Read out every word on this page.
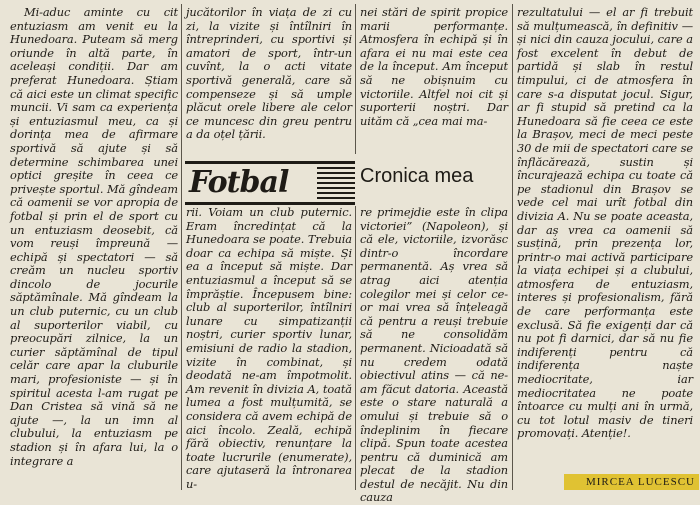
Mi-aduc aminte cu cit entuziasm am venit eu la Hunedoara. Puteam să merg oriunde în altă parte, în aceleași condiții. Dar am preferat Hunedoara. Știam că aici este un climat specific muncii. Vi sam ca experiența și entuziasmul meu, ca și dorința mea de afirmare sportivă să ajute și să determine schimbarea unei optici greșite în ceea ce privește sportul. Mă gîndeam că oamenii se vor apropia de fotbal și prin el de sport cu un entuziasm deosebit, că vom reuși împreună — echipă și spectatori — să creăm un nucleu sportiv dincolo de jocurile săptămînale. Mă gîndeam la un club puternic, cu un club al suporterilor viabil, cu preocupări zilnice, la un curier săptămînal de tipul celăr care apar la cluburile mari, profesioniste — și în spiritul acesta l-am rugat pe Dan Cristea să vină să ne ajute —, la un imn al clubului, la entuziasm pe stadion și în afara lui, la o integrare a

jucătorilor în viața de zi cu zi, la vizite și întîlniri în întreprinderi, cu sportivi și amatori de sport, într-un cuvînt, la o acti vitate sportivă generală, care să compenseze și să umple plăcut orele libere ale celor ce muncesc din greu pentru a da oțel țării.

nei stări de spirit propice marii performanțe. Atmosfera în echipă și în afara ei nu mai este cea de la început. Am început să ne obișnuim cu victoriile. Altfel noi cit și suporterii noștri. Dar uităm că „cea mai ma-

Fotbal	Cronica mea

rii. Voiam un club puternic. Eram încredințat că la Hunedoara se poate. Trebuia doar ca echipa să miște. Și ea a început să miște. Dar entuziasmul a început să se împrăștie. Începusem bine: club al suporterilor, întîlniri lunare cu simpatizanții noștri, curier sportiv lunar, emisiuni de radio la stadion, vizite în combinat, și deodată ne-am împotmolit. Am revenit în divizia A, toată lumea a fost mulțumită, se considera că avem echipă de aici încolo. Zeală, echipă fără obiectiv, renunțare la toate lucrurile (enumerate), care ajutaseră la întronarea u-

re primejdie este în clipa victoriei” (Napoleon), și că ele, victoriile, izvorăsc dintr-o încordare permanentă. Aș vrea să atrag aici atenția colegilor mei și celor ce-or mai vrea să înțeleagă că pentru a reuși trebuie să ne consolidăm permanent. Nicioadată să nu credem odată obiectivul atins — că ne-am făcut datoria. Această este o stare naturală a omului și trebuie să o îndeplinim în fiecare clipă. Spun toate acestea pentru că duminică am plecat de la stadion destul de necăjit. Nu din cauza

rezultatului — el ar fi trebuit să mulțumească, în definitiv — și nici din cauza jocului, care a fost excelent în debut de partidă și slab în restul timpului, ci de atmosfera în care s-a disputat jocul. Sigur, ar fi stupid să pretind ca la Hunedoara să fie ceea ce este la Brașov, meci de meci peste 30 de mii de spectatori care se înflăcărează, sustin și încurajează echipa cu toate că pe stadionul din Brașov se vede cel mai urît fotbal din divizia A. Nu se poate aceasta, dar aș vrea ca oamenii să susțină, prin prezența lor, printr-o mai activă participare la viața echipei și a clubului, atmosfera de entuziasm, interes și profesionalism, fără de care performanța este exclusă. Să fie exigenți dar că nu pot fi darnici, dar să nu fie indiferenți pentru că indiferența naște mediocritate, iar mediocritatea ne poate întoarce cu mulți ani în urmă, cu tot lotul masiv de tineri promovați. Atenție!.

MIRCEA LUCESCU
